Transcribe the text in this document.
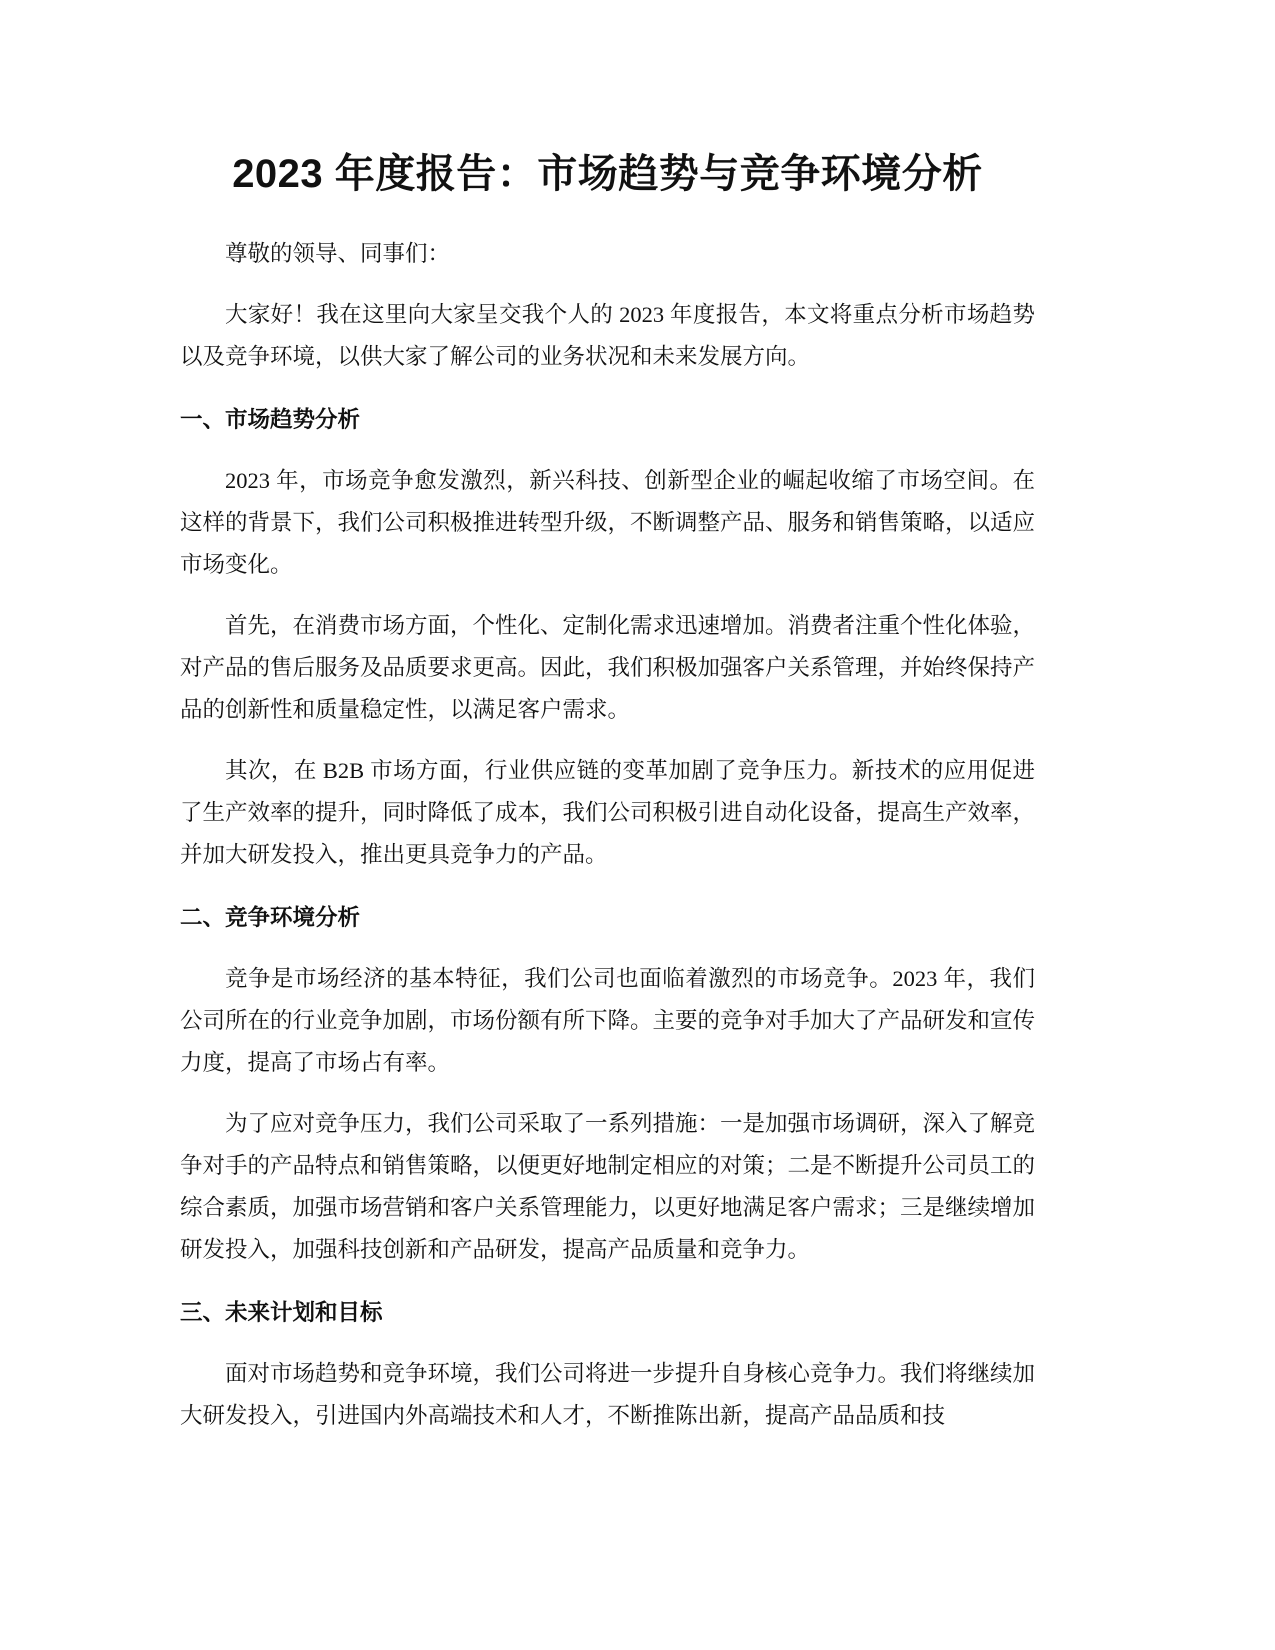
2023 年度报告：市场趋势与竞争环境分析

尊敬的领导、同事们：

大家好！我在这里向大家呈交我个人的 2023 年度报告，本文将重点分析市场趋势以及竞争环境，以供大家了解公司的业务状况和未来发展方向。

一、市场趋势分析

2023 年，市场竞争愈发激烈，新兴科技、创新型企业的崛起收缩了市场空间。在这样的背景下，我们公司积极推进转型升级，不断调整产品、服务和销售策略，以适应市场变化。

首先，在消费市场方面，个性化、定制化需求迅速增加。消费者注重个性化体验，对产品的售后服务及品质要求更高。因此，我们积极加强客户关系管理，并始终保持产品的创新性和质量稳定性，以满足客户需求。

其次，在 B2B 市场方面，行业供应链的变革加剧了竞争压力。新技术的应用促进了生产效率的提升，同时降低了成本，我们公司积极引进自动化设备，提高生产效率，并加大研发投入，推出更具竞争力的产品。

二、竞争环境分析

竞争是市场经济的基本特征，我们公司也面临着激烈的市场竞争。2023 年，我们公司所在的行业竞争加剧，市场份额有所下降。主要的竞争对手加大了产品研发和宣传力度，提高了市场占有率。

为了应对竞争压力，我们公司采取了一系列措施：一是加强市场调研，深入了解竞争对手的产品特点和销售策略，以便更好地制定相应的对策；二是不断提升公司员工的综合素质，加强市场营销和客户关系管理能力，以更好地满足客户需求；三是继续增加研发投入，加强科技创新和产品研发，提高产品质量和竞争力。

三、未来计划和目标

面对市场趋势和竞争环境，我们公司将进一步提升自身核心竞争力。我们将继续加大研发投入，引进国内外高端技术和人才，不断推陈出新，提高产品品质和技
